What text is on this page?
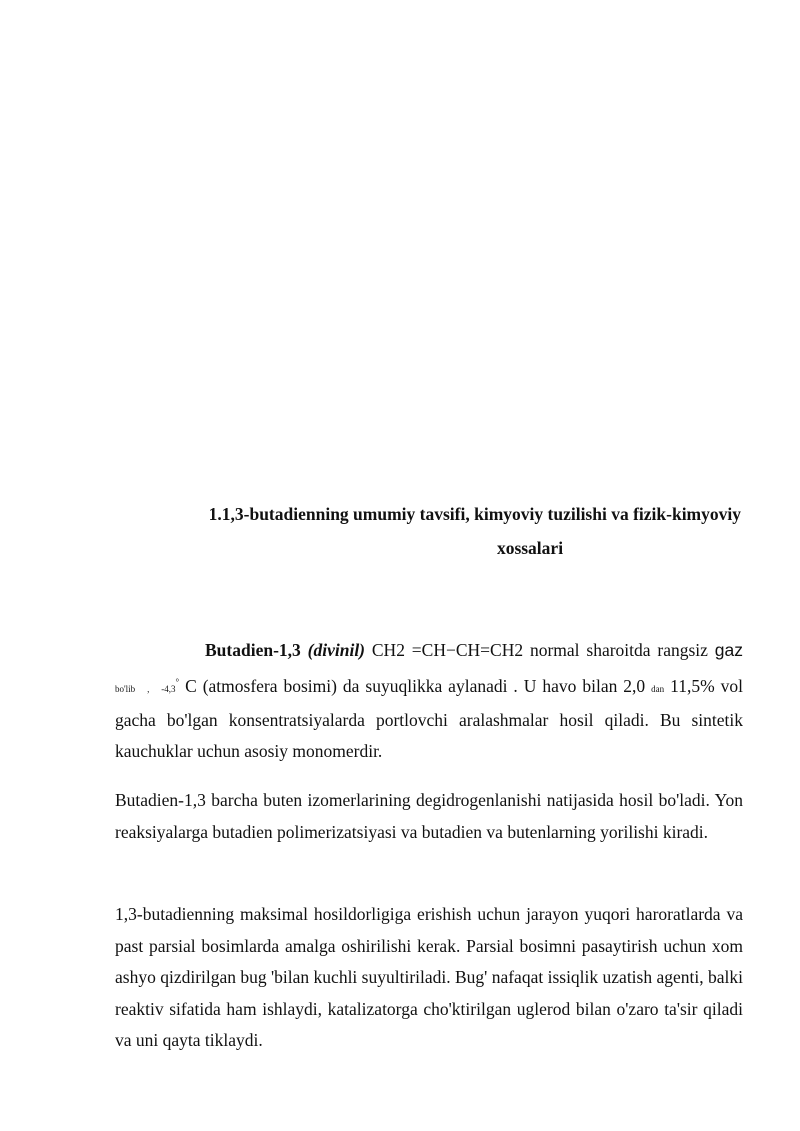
1.1,3-butadienning umumiy tavsifi, kimyoviy tuzilishi va fizik-kimyoviy
xossalari

Butadien-1,3 (divinil) CH2 =CH−CH=CH2 normal sharoitda rangsiz gaz bo'lib , -4,3° C (atmosfera bosimi) da suyuqlikka aylanadi . U havo bilan 2,0 dan 11,5% vol gacha bo'lgan konsentratsiyalarda portlovchi aralashmalar hosil qiladi. Bu sintetik kauchuklar uchun asosiy monomerdir.

Butadien-1,3 barcha buten izomerlarining degidrogenlanishi natijasida hosil bo'ladi. Yon reaksiyalarga butadien polimerizatsiyasi va butadien va butenlarning yorilishi kiradi.

1,3-butadienning maksimal hosildorligiga erishish uchun jarayon yuqori haroratlarda va past parsial bosimlarda amalga oshirilishi kerak. Parsial bosimni pasaytirish uchun xom ashyo qizdirilgan bug 'bilan kuchli suyultiriladi. Bug' nafaqat issiqlik uzatish agenti, balki reaktiv sifatida ham ishlaydi, katalizatorga cho'ktirilgan uglerod bilan o'zaro ta'sir qiladi va uni qayta tiklaydi.
